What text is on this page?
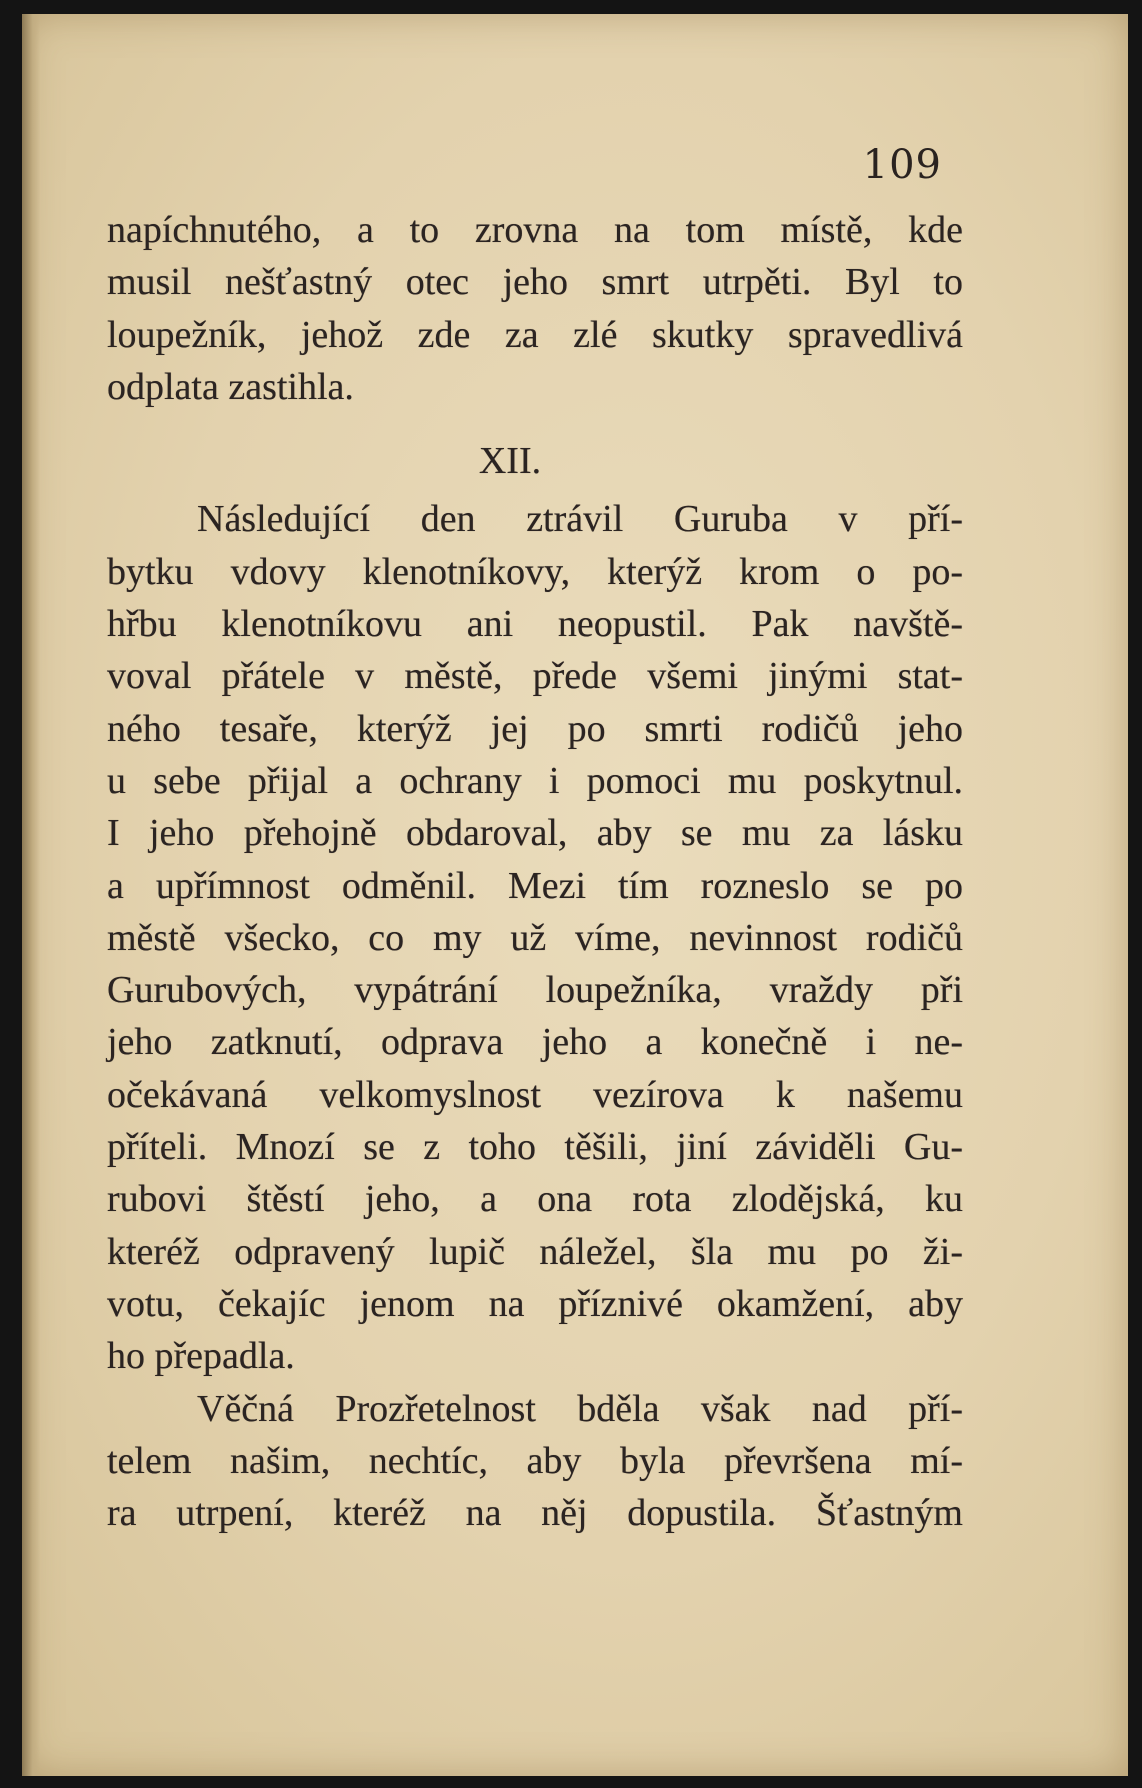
109
napíchnutého, a to zrovna na tom místě, kde
musil nešťastný otec jeho smrt utrpěti. Byl to
loupežník, jehož zde za zlé skutky spravedlivá
odplata zastihla.
XII.
Následující den ztrávil Guruba v pří-
bytku vdovy klenotníkovy, kterýž krom o po-
hřbu klenotníkovu ani neopustil. Pak navště-
voval přátele v městě, přede všemi jinými stat-
ného tesaře, kterýž jej po smrti rodičů jeho
u sebe přijal a ochrany i pomoci mu poskytnul.
I jeho přehojně obdaroval, aby se mu za lásku
a upřímnost odměnil. Mezi tím rozneslo se po
městě všecko, co my už víme, nevinnost rodičů
Gurubových, vypátrání loupežníka, vraždy při
jeho zatknutí, odprava jeho a konečně i ne-
očekávaná velkomyslnost vezírova k našemu
příteli. Mnozí se z toho těšili, jiní záviděli Gu-
rubovi štěstí jeho, a ona rota zlodějská, ku
kteréž odpravený lupič náležel, šla mu po ži-
votu, čekajíc jenom na příznivé okamžení, aby
ho přepadla.
Věčná Prozřetelnost bděla však nad pří-
telem našim, nechtíc, aby byla převršena mí-
ra utrpení, kteréž na něj dopustila. Šťastným
